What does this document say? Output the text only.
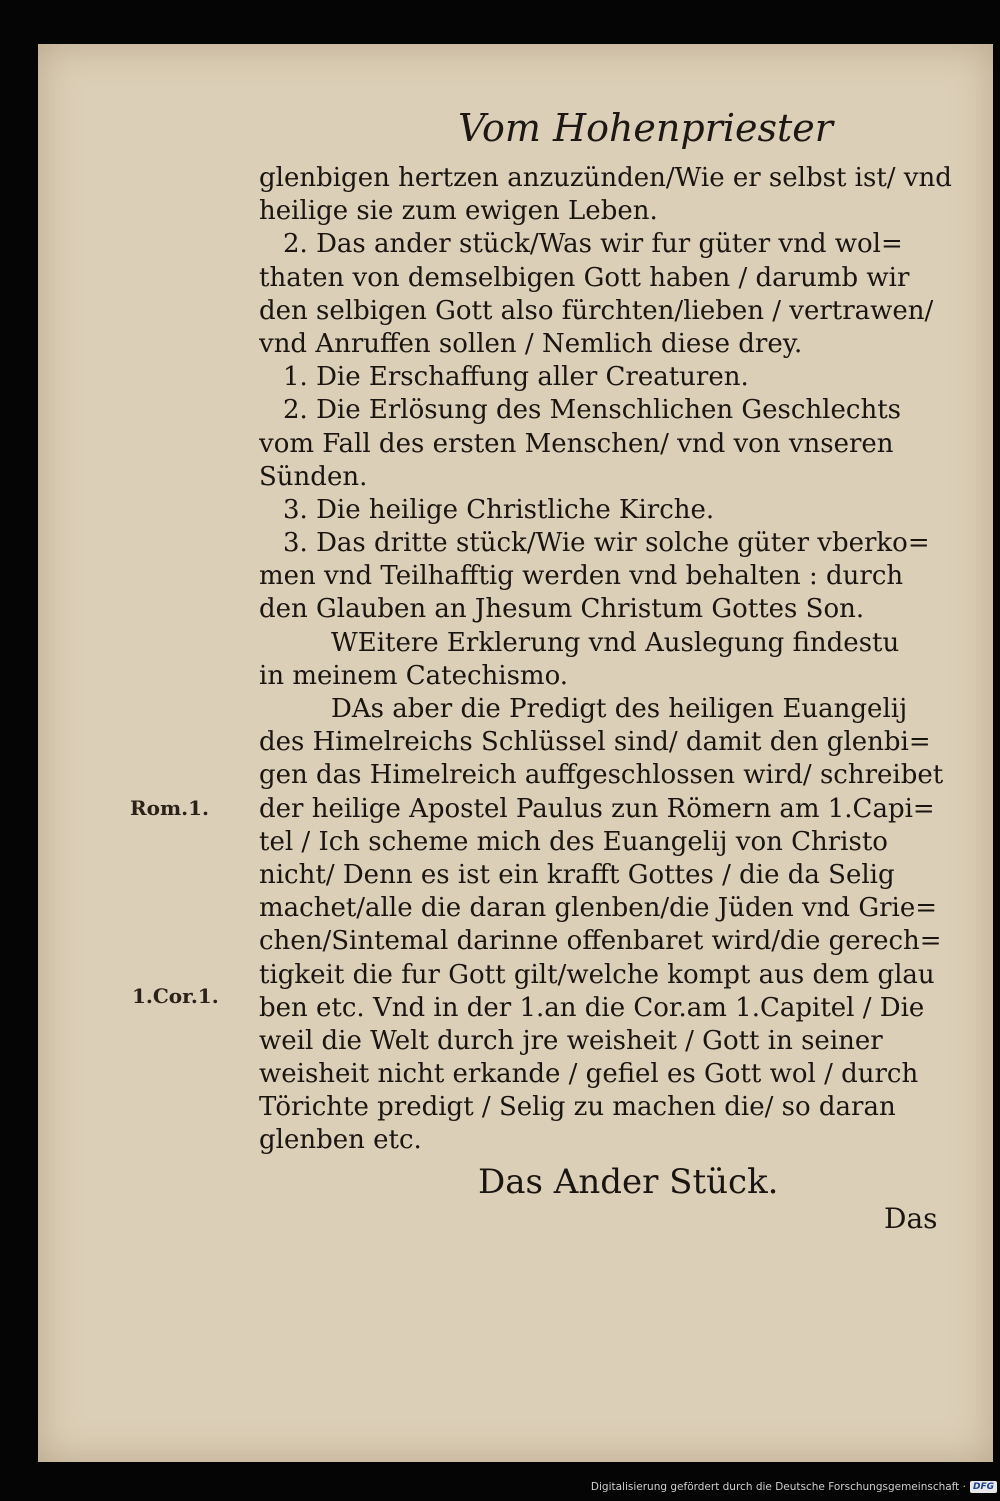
Vom Hohenpriester
glenbigen hertzen anzuzünden/Wie er selbst ist/ vnd
heilige sie zum ewigen Leben.
2. Das ander stück/Was wir fur güter vnd wol=
thaten von demselbigen Gott haben / darumb wir
den selbigen Gott also fürchten/lieben / vertrawen/
vnd Anruffen sollen / Nemlich diese drey.
1. Die Erschaffung aller Creaturen.
2. Die Erlösung des Menschlichen Geschlechts
vom Fall des ersten Menschen/ vnd von vnseren
Sünden.
3. Die heilige Christliche Kirche.
3. Das dritte stück/Wie wir solche güter vberko=
men vnd Teilhafftig werden vnd behalten : durch
den Glauben an Jhesum Christum Gottes Son.
WEitere Erklerung vnd Auslegung findestu
in meinem Catechismo.
DAs aber die Predigt des heiligen Euangelij
des Himelreichs Schlüssel sind/ damit den glenbi=
gen das Himelreich auffgeschlossen wird/ schreibet
der heilige Apostel Paulus zun Römern am 1.Capi=
tel / Ich scheme mich des Euangelij von Christo
nicht/ Denn es ist ein krafft Gottes / die da Selig
machet/alle die daran glenben/die Jüden vnd Grie=
chen/Sintemal darinne offenbaret wird/die gerech=
tigkeit die fur Gott gilt/welche kompt aus dem glau
ben etc. Vnd in der 1.an die Cor.am 1.Capitel / Die
weil die Welt durch jre weisheit / Gott in seiner
weisheit nicht erkande / gefiel es Gott wol / durch
Törichte predigt / Selig zu machen die/ so daran
glenben etc.
Das Ander Stück.
Das
Rom.1.
1.Cor.1.
Digitalisierung gefördert durch die Deutsche Forschungsgemeinschaft · DFG
